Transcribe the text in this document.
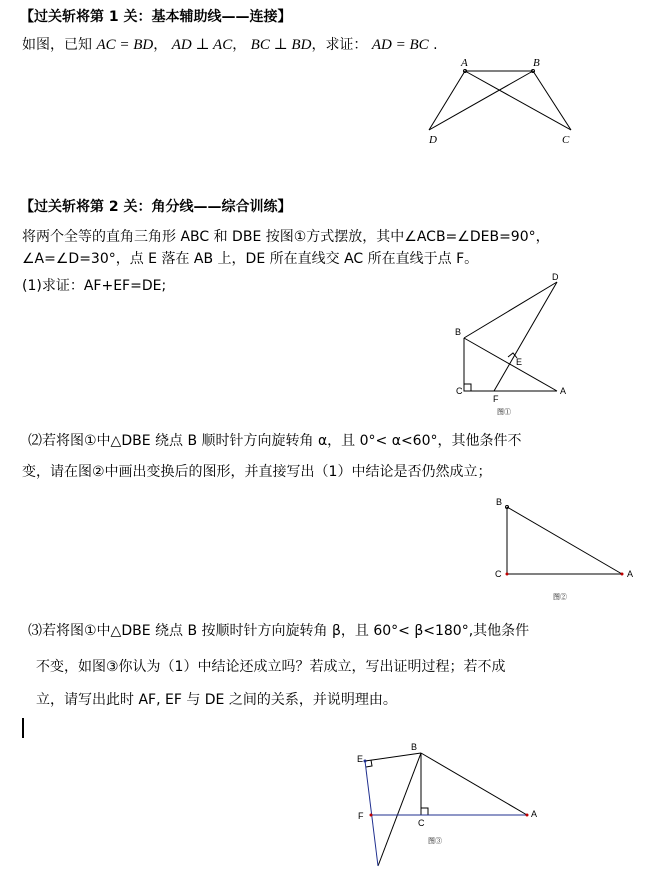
【过关斩将第 1 关：基本辅助线——连接】
如图，已知 AC = BD， AD ⊥ AC， BC ⊥ BD，求证： AD = BC .
A	B
D	C
【过关斩将第 2 关：角分线——综合训练】
将两个全等的直角三角形 ABC 和 DBE 按图①方式摆放，其中∠ACB=∠DEB=90°，
∠A=∠D=30°，点 E 落在 AB 上，DE 所在直线交 AC 所在直线于点 F。
(1)求证：AF+EF=DE;
D
B
E
C	A
F
图①
⑵若将图①中△DBE 绕点 B 顺时针方向旋转角 α，且 0°< α<60°，其他条件不
变，请在图②中画出变换后的图形，并直接写出（1）中结论是否仍然成立；
B
C	A
图②
⑶若将图①中△DBE 绕点 B 按顺时针方向旋转角 β，且 60°< β<180°,其他条件
不变，如图③你认为（1）中结论还成立吗？若成立，写出证明过程；若不成
立，请写出此时 AF, EF 与 DE 之间的关系，并说明理由。
E
B
F
C
A
图③
